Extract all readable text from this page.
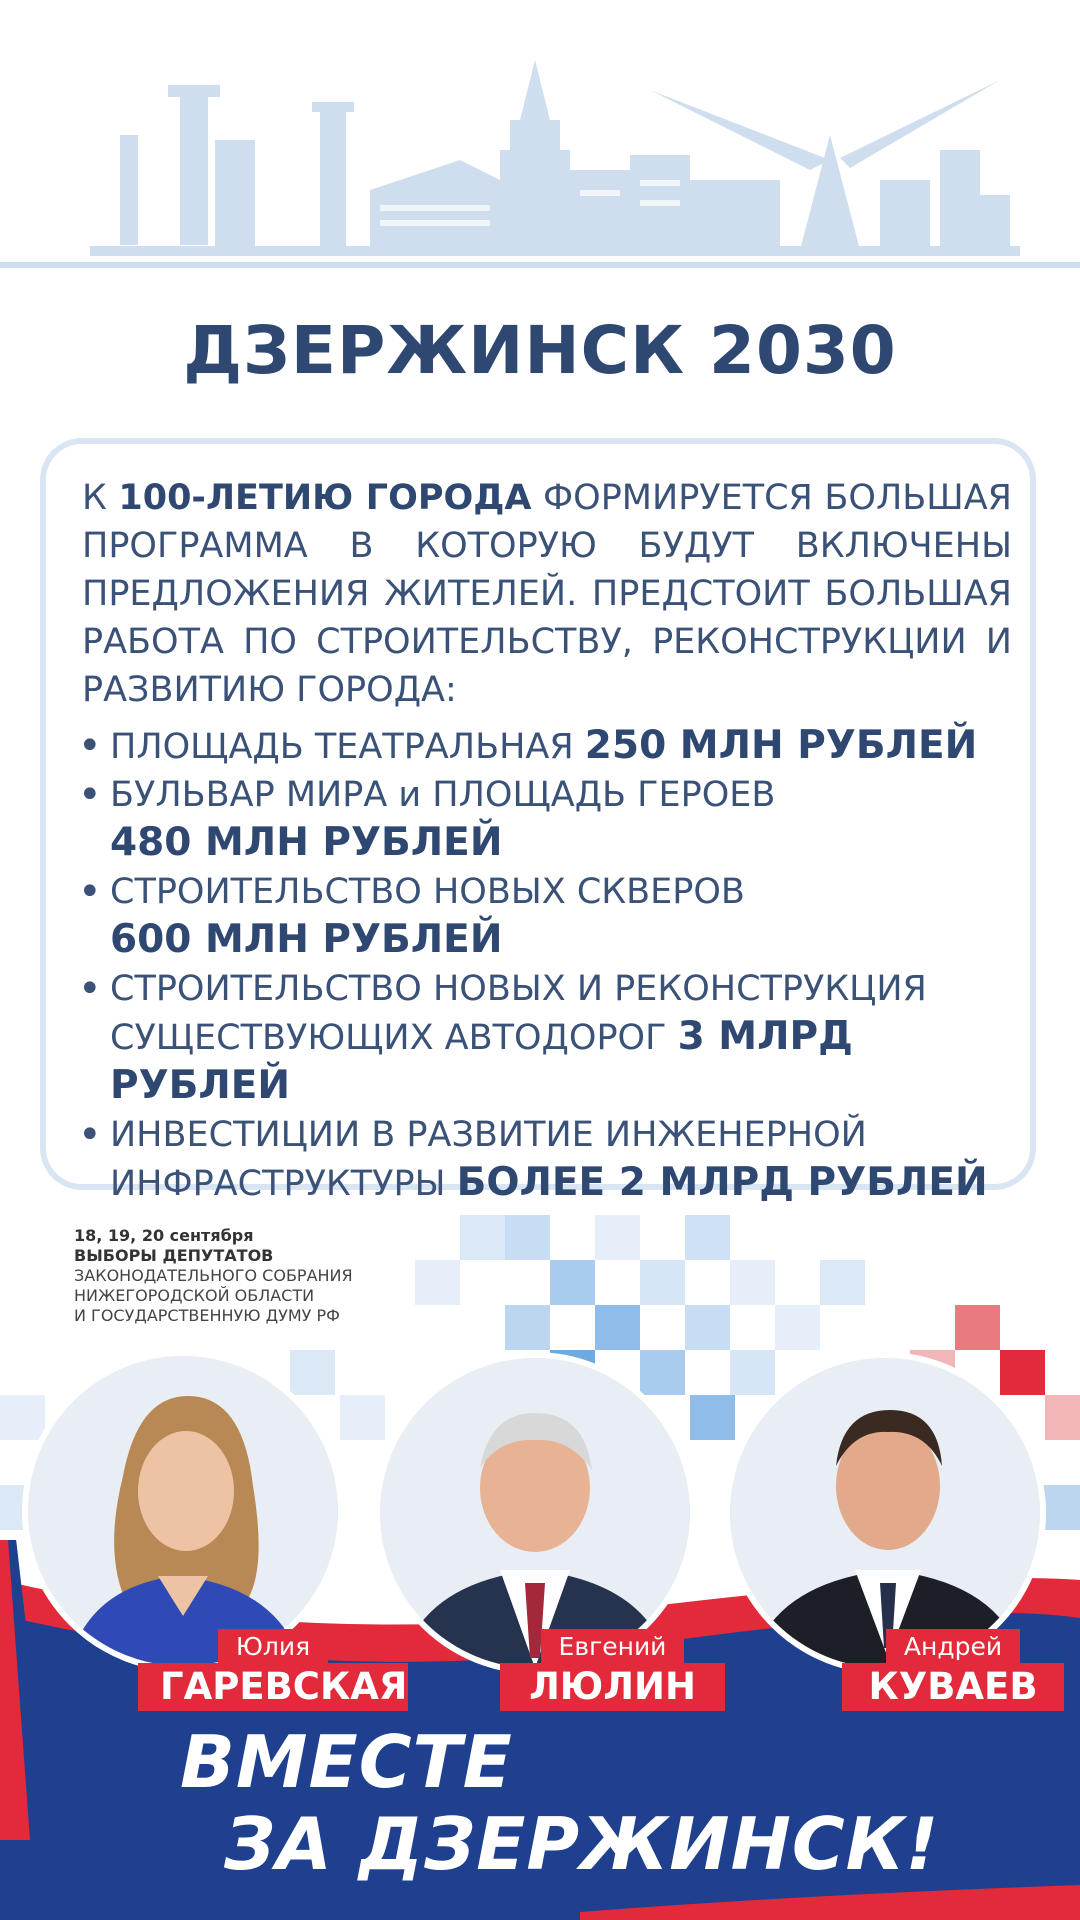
ДЗЕРЖИНСК 2030
К 100-ЛЕТИЮ ГОРОДА ФОРМИРУЕТСЯ БОЛЬШАЯ ПРОГРАММА В КОТОРУЮ БУДУТ ВКЛЮЧЕНЫ ПРЕДЛОЖЕНИЯ ЖИТЕЛЕЙ. ПРЕДСТОИТ БОЛЬШАЯ РАБОТА ПО СТРОИТЕЛЬСТВУ, РЕКОНСТРУКЦИИ И РАЗВИТИЮ ГОРОДА:
• ПЛОЩАДЬ ТЕАТРАЛЬНАЯ 250 МЛН РУБЛЕЙ
• БУЛЬВАР МИРА и ПЛОЩАДЬ ГЕРОЕВ
480 МЛН РУБЛЕЙ
• СТРОИТЕЛЬСТВО НОВЫХ СКВЕРОВ
600 МЛН РУБЛЕЙ
• СТРОИТЕЛЬСТВО НОВЫХ И РЕКОНСТРУКЦИЯ СУЩЕСТВУЮЩИХ АВТОДОРОГ 3 МЛРД РУБЛЕЙ
• ИНВЕСТИЦИИ В РАЗВИТИЕ ИНЖЕНЕРНОЙ ИНФРАСТРУКТУРЫ БОЛЕЕ 2 МЛРД РУБЛЕЙ
18, 19, 20 сентября
ВЫБОРЫ ДЕПУТАТОВ
ЗАКОНОДАТЕЛЬНОГО СОБРАНИЯ
НИЖЕГОРОДСКОЙ ОБЛАСТИ
И ГОСУДАРСТВЕННУЮ ДУМУ РФ
Юлия
ГАРЕВСКАЯ
Евгений
ЛЮЛИН
Андрей
КУВАЕВ
ВМЕСТЕ
ЗА ДЗЕРЖИНСК!
